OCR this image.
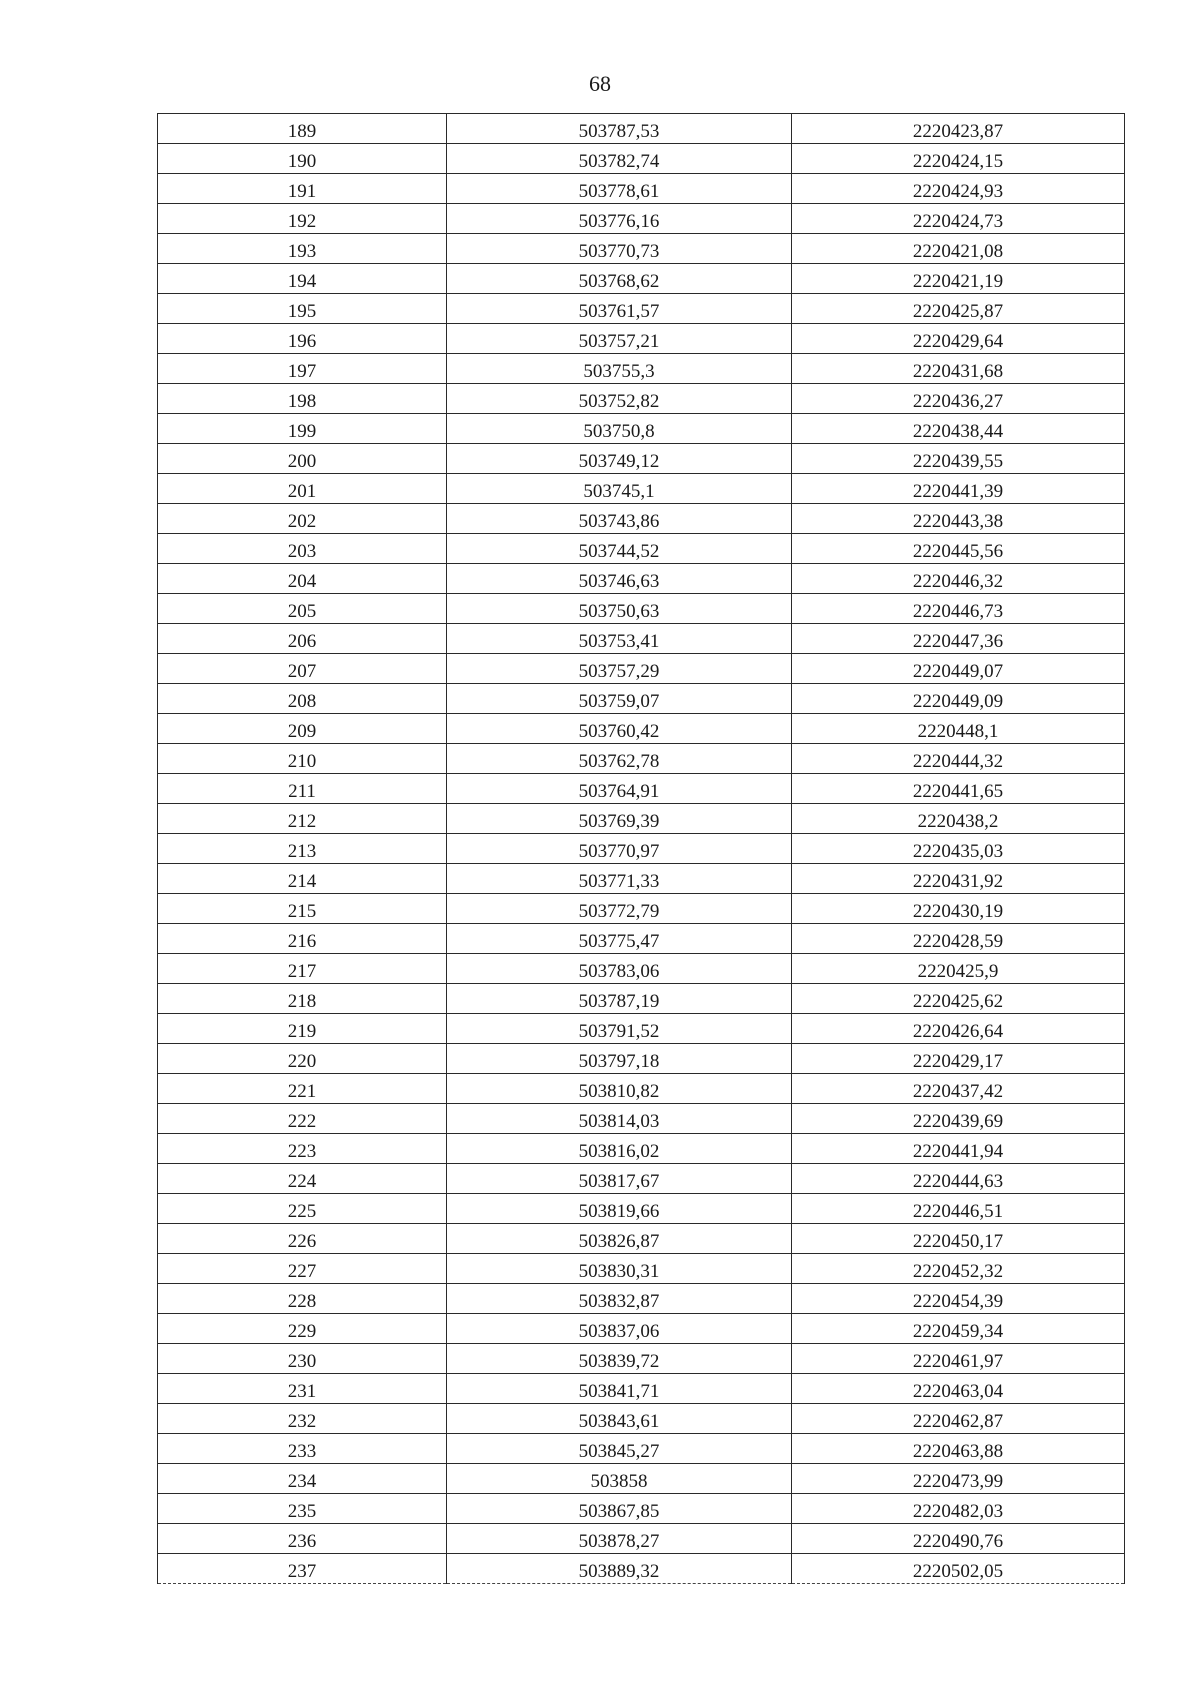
68
189	503787,53	2220423,87
190	503782,74	2220424,15
191	503778,61	2220424,93
192	503776,16	2220424,73
193	503770,73	2220421,08
194	503768,62	2220421,19
195	503761,57	2220425,87
196	503757,21	2220429,64
197	503755,3	2220431,68
198	503752,82	2220436,27
199	503750,8	2220438,44
200	503749,12	2220439,55
201	503745,1	2220441,39
202	503743,86	2220443,38
203	503744,52	2220445,56
204	503746,63	2220446,32
205	503750,63	2220446,73
206	503753,41	2220447,36
207	503757,29	2220449,07
208	503759,07	2220449,09
209	503760,42	2220448,1
210	503762,78	2220444,32
211	503764,91	2220441,65
212	503769,39	2220438,2
213	503770,97	2220435,03
214	503771,33	2220431,92
215	503772,79	2220430,19
216	503775,47	2220428,59
217	503783,06	2220425,9
218	503787,19	2220425,62
219	503791,52	2220426,64
220	503797,18	2220429,17
221	503810,82	2220437,42
222	503814,03	2220439,69
223	503816,02	2220441,94
224	503817,67	2220444,63
225	503819,66	2220446,51
226	503826,87	2220450,17
227	503830,31	2220452,32
228	503832,87	2220454,39
229	503837,06	2220459,34
230	503839,72	2220461,97
231	503841,71	2220463,04
232	503843,61	2220462,87
233	503845,27	2220463,88
234	503858	2220473,99
235	503867,85	2220482,03
236	503878,27	2220490,76
237	503889,32	2220502,05
